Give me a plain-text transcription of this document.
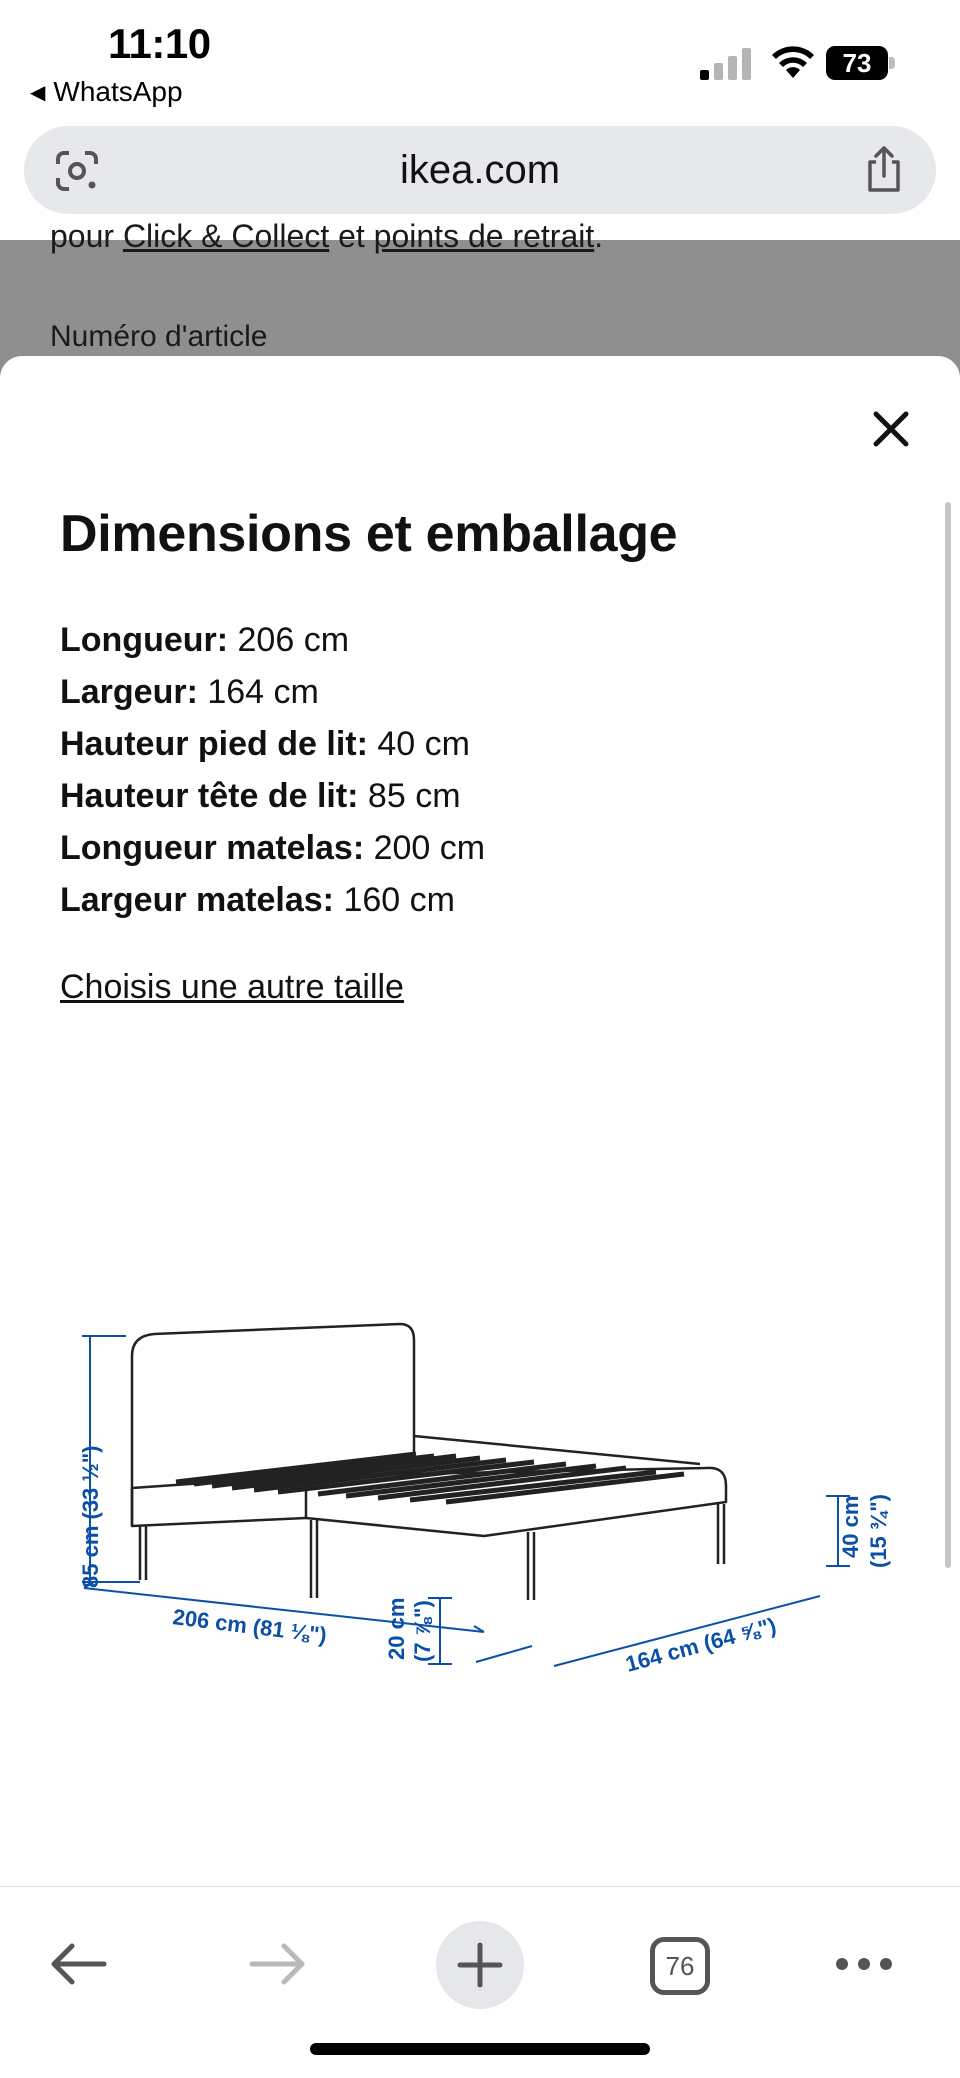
11:10
◀ WhatsApp
73
ikea.com
pour Click & Collect et points de retrait.
Numéro d'article
Dimensions et emballage
Longueur: 206 cm
Largeur: 164 cm
Hauteur pied de lit: 40 cm
Hauteur tête de lit: 85 cm
Longueur matelas: 200 cm
Largeur matelas: 160 cm
Choisis une autre taille
85 cm (33 ½")
206 cm (81 ⅛")	20 cm (7 ⅞")	164 cm (64 ⅝")
40 cm (15 ¾")
76
